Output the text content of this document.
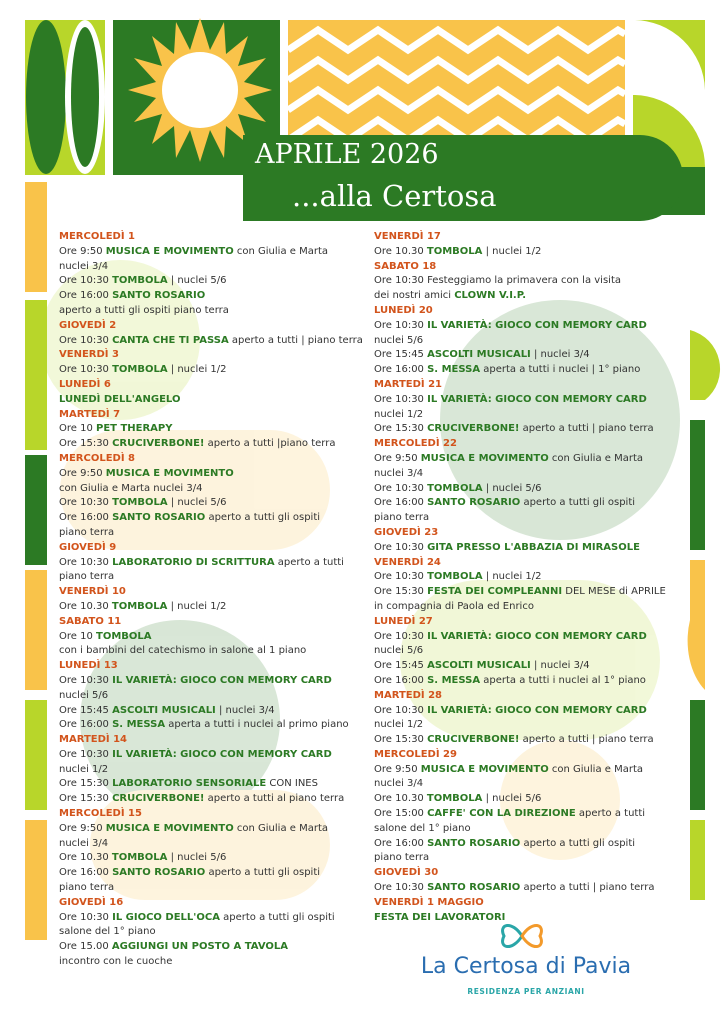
APRILE 2026
...alla Certosa
MERCOLEDÌ 1
Ore 9:50 MUSICA E MOVIMENTO con Giulia e Marta
nuclei 3/4
Ore 10:30 TOMBOLA | nuclei 5/6
Ore 16:00 SANTO ROSARIO
aperto a tutti gli ospiti piano terra
GIOVEDÌ 2
Ore 10:30 CANTA CHE TI PASSA aperto a tutti | piano terra
VENERDÌ 3
Ore 10:30 TOMBOLA | nuclei 1/2
LUNEDÌ 6
LUNEDÌ DELL'ANGELO
MARTEDÌ 7
Ore 10 PET THERAPY
Ore 15:30 CRUCIVERBONE! aperto a tutti |piano terra
MERCOLEDÌ 8
Ore 9:50 MUSICA E MOVIMENTO
con Giulia e Marta nuclei 3/4
Ore 10:30 TOMBOLA | nuclei 5/6
Ore 16:00 SANTO ROSARIO aperto a tutti gli ospiti
piano terra
GIOVEDÌ 9
Ore 10:30 LABORATORIO DI SCRITTURA aperto a tutti
piano terra
VENERDÌ 10
Ore 10.30 TOMBOLA | nuclei 1/2
SABATO 11
Ore 10 TOMBOLA
con i bambini del catechismo in salone al 1 piano
LUNEDÌ 13
Ore 10:30 IL VARIETÀ: GIOCO CON MEMORY CARD
nuclei 5/6
Ore 15:45 ASCOLTI MUSICALI | nuclei 3/4
Ore 16:00 S. MESSA aperta a tutti i nuclei al primo piano
MARTEDÌ 14
Ore 10:30 IL VARIETÀ: GIOCO CON MEMORY CARD
nuclei 1/2
Ore 15:30 LABORATORIO SENSORIALE CON INES
Ore 15:30 CRUCIVERBONE! aperto a tutti al piano terra
MERCOLEDÌ 15
Ore 9:50 MUSICA E MOVIMENTO con Giulia e Marta
nuclei 3/4
Ore 10.30 TOMBOLA | nuclei 5/6
Ore 16:00 SANTO ROSARIO aperto a tutti gli ospiti
piano terra
GIOVEDÌ 16
Ore 10:30 IL GIOCO DELL'OCA aperto a tutti gli ospiti
salone del 1° piano
Ore 15.00 AGGIUNGI UN POSTO A TAVOLA
incontro con le cuoche
VENERDÌ 17
Ore 10.30 TOMBOLA | nuclei 1/2
SABATO 18
Ore 10:30 Festeggiamo la primavera con la visita
dei nostri amici CLOWN V.I.P.
LUNEDÌ 20
Ore 10:30 IL VARIETÀ: GIOCO CON MEMORY CARD
nuclei 5/6
Ore 15:45 ASCOLTI MUSICALI | nuclei 3/4
Ore 16:00 S. MESSA aperta a tutti i nuclei | 1° piano
MARTEDÌ 21
Ore 10:30 IL VARIETÀ: GIOCO CON MEMORY CARD
nuclei 1/2
Ore 15:30 CRUCIVERBONE! aperto a tutti | piano terra
MERCOLEDÌ 22
Ore 9:50 MUSICA E MOVIMENTO con Giulia e Marta
nuclei 3/4
Ore 10:30 TOMBOLA | nuclei 5/6
Ore 16:00 SANTO ROSARIO aperto a tutti gli ospiti
piano terra
GIOVEDÌ 23
Ore 10:30 GITA PRESSO L'ABBAZIA DI MIRASOLE
VENERDÌ 24
Ore 10:30 TOMBOLA | nuclei 1/2
Ore 15:30 FESTA DEI COMPLEANNI DEL MESE di APRILE
in compagnia di Paola ed Enrico
LUNEDÌ 27
Ore 10:30 IL VARIETÀ: GIOCO CON MEMORY CARD
nuclei 5/6
Ore 15:45 ASCOLTI MUSICALI | nuclei 3/4
Ore 16:00 S. MESSA aperta a tutti i nuclei al 1° piano
MARTEDÌ 28
Ore 10:30 IL VARIETÀ: GIOCO CON MEMORY CARD
nuclei 1/2
Ore 15:30 CRUCIVERBONE! aperto a tutti | piano terra
MERCOLEDÌ 29
Ore 9:50 MUSICA E MOVIMENTO con Giulia e Marta
nuclei 3/4
Ore 10.30 TOMBOLA | nuclei 5/6
Ore 15:00 CAFFE' CON LA DIREZIONE aperto a tutti
salone del 1° piano
Ore 16:00 SANTO ROSARIO aperto a tutti gli ospiti
piano terra
GIOVEDÌ 30
Ore 10:30 SANTO ROSARIO aperto a tutti | piano terra
VENERDÌ 1 MAGGIO
FESTA DEI LAVORATORI
La Certosa di Pavia
RESIDENZA PER ANZIANI
